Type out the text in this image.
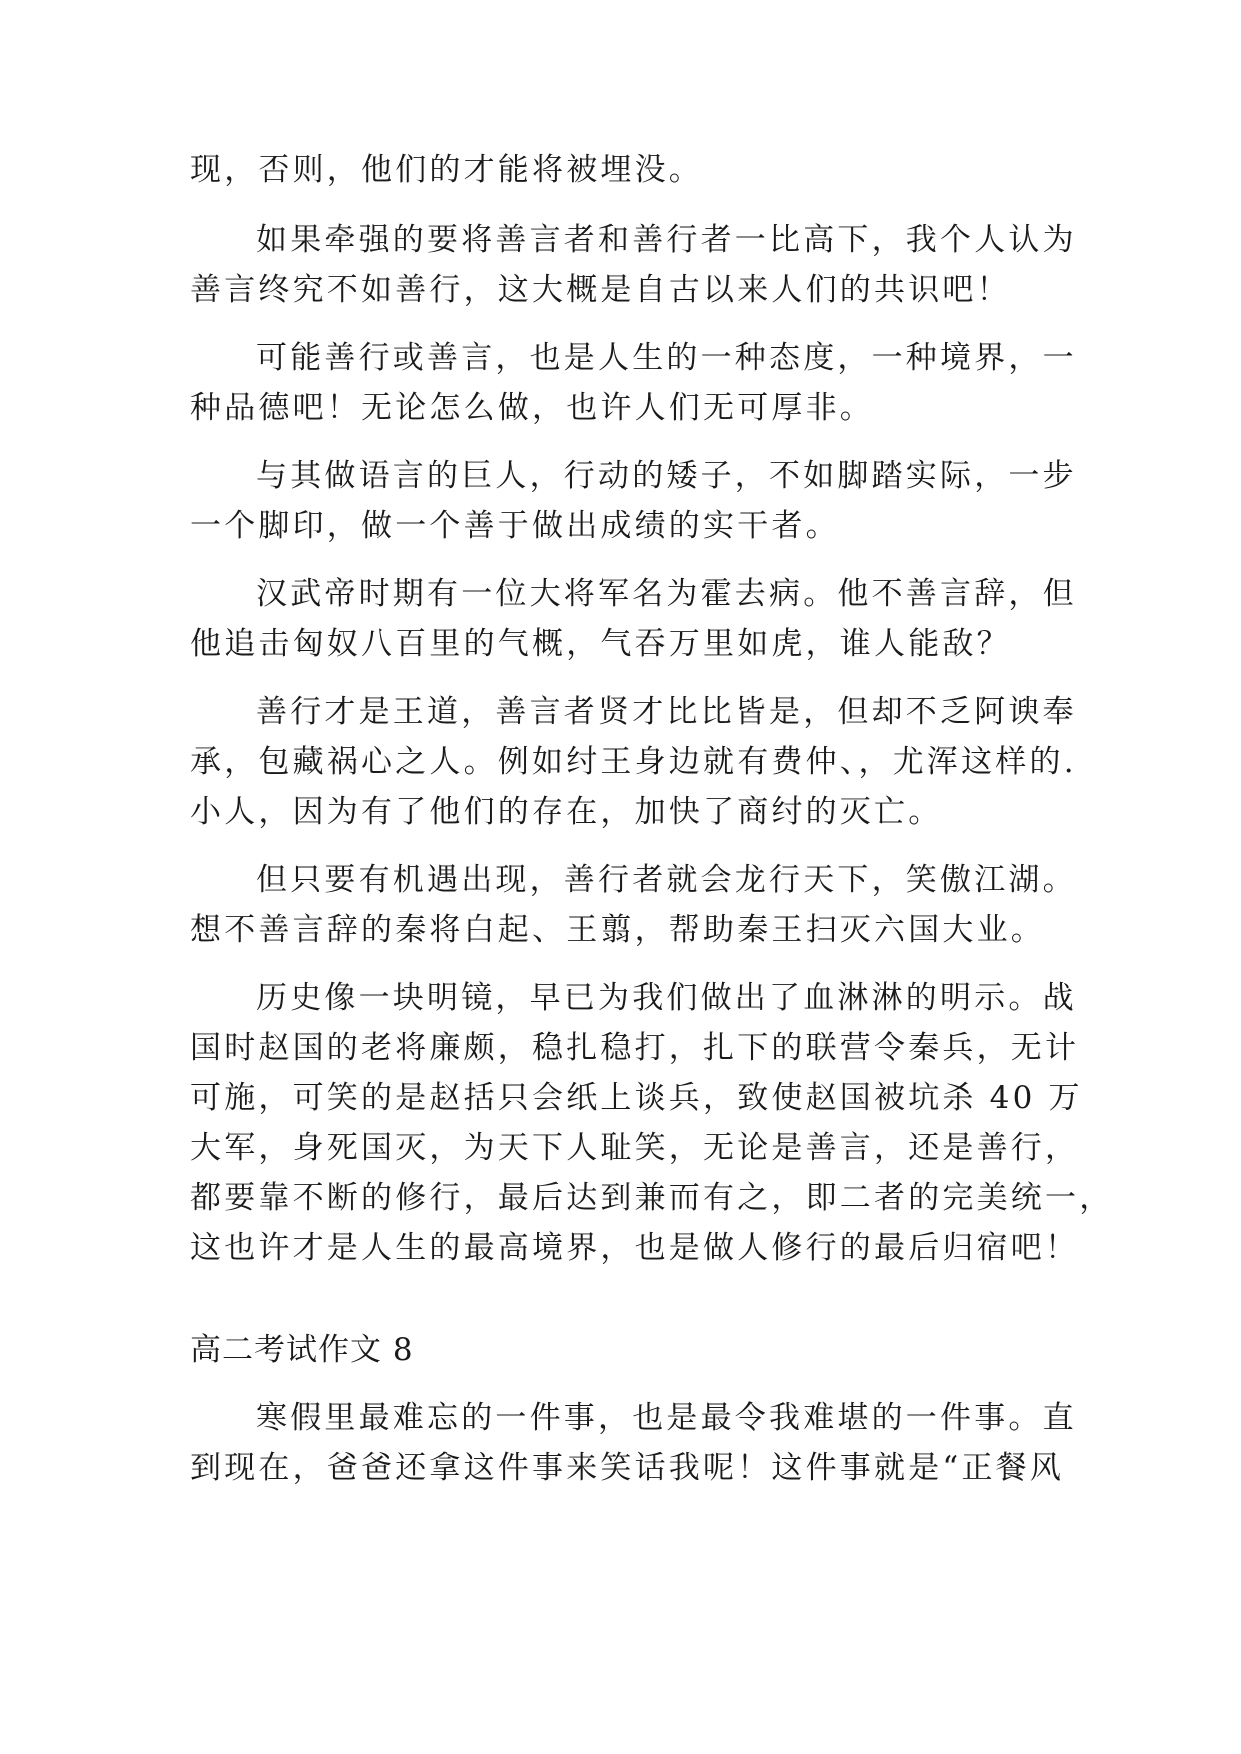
现，否则，他们的才能将被埋没。
如果牵强的要将善言者和善行者一比高下，我个人认为
善言终究不如善行，这大概是自古以来人们的共识吧！
可能善行或善言，也是人生的一种态度，一种境界，一
种品德吧！无论怎么做，也许人们无可厚非。
与其做语言的巨人，行动的矮子，不如脚踏实际，一步
一个脚印，做一个善于做出成绩的实干者。
汉武帝时期有一位大将军名为霍去病。他不善言辞，但
他追击匈奴八百里的气概，气吞万里如虎，谁人能敌？
善行才是王道，善言者贤才比比皆是，但却不乏阿谀奉
承，包藏祸心之人。例如纣王身边就有费仲、，尤浑这样的.
小人，因为有了他们的存在，加快了商纣的灭亡。
但只要有机遇出现，善行者就会龙行天下，笑傲江湖。
想不善言辞的秦将白起、王翦，帮助秦王扫灭六国大业。
历史像一块明镜，早已为我们做出了血淋淋的明示。战
国时赵国的老将廉颇，稳扎稳打，扎下的联营令秦兵，无计
可施，可笑的是赵括只会纸上谈兵，致使赵国被坑杀 40 万
大军，身死国灭，为天下人耻笑，无论是善言，还是善行，
都要靠不断的修行，最后达到兼而有之，即二者的完美统一，
这也许才是人生的最高境界，也是做人修行的最后归宿吧！
高二考试作文 8
寒假里最难忘的一件事，也是最令我难堪的一件事。直
到现在，爸爸还拿这件事来笑话我呢！这件事就是“正餐风
